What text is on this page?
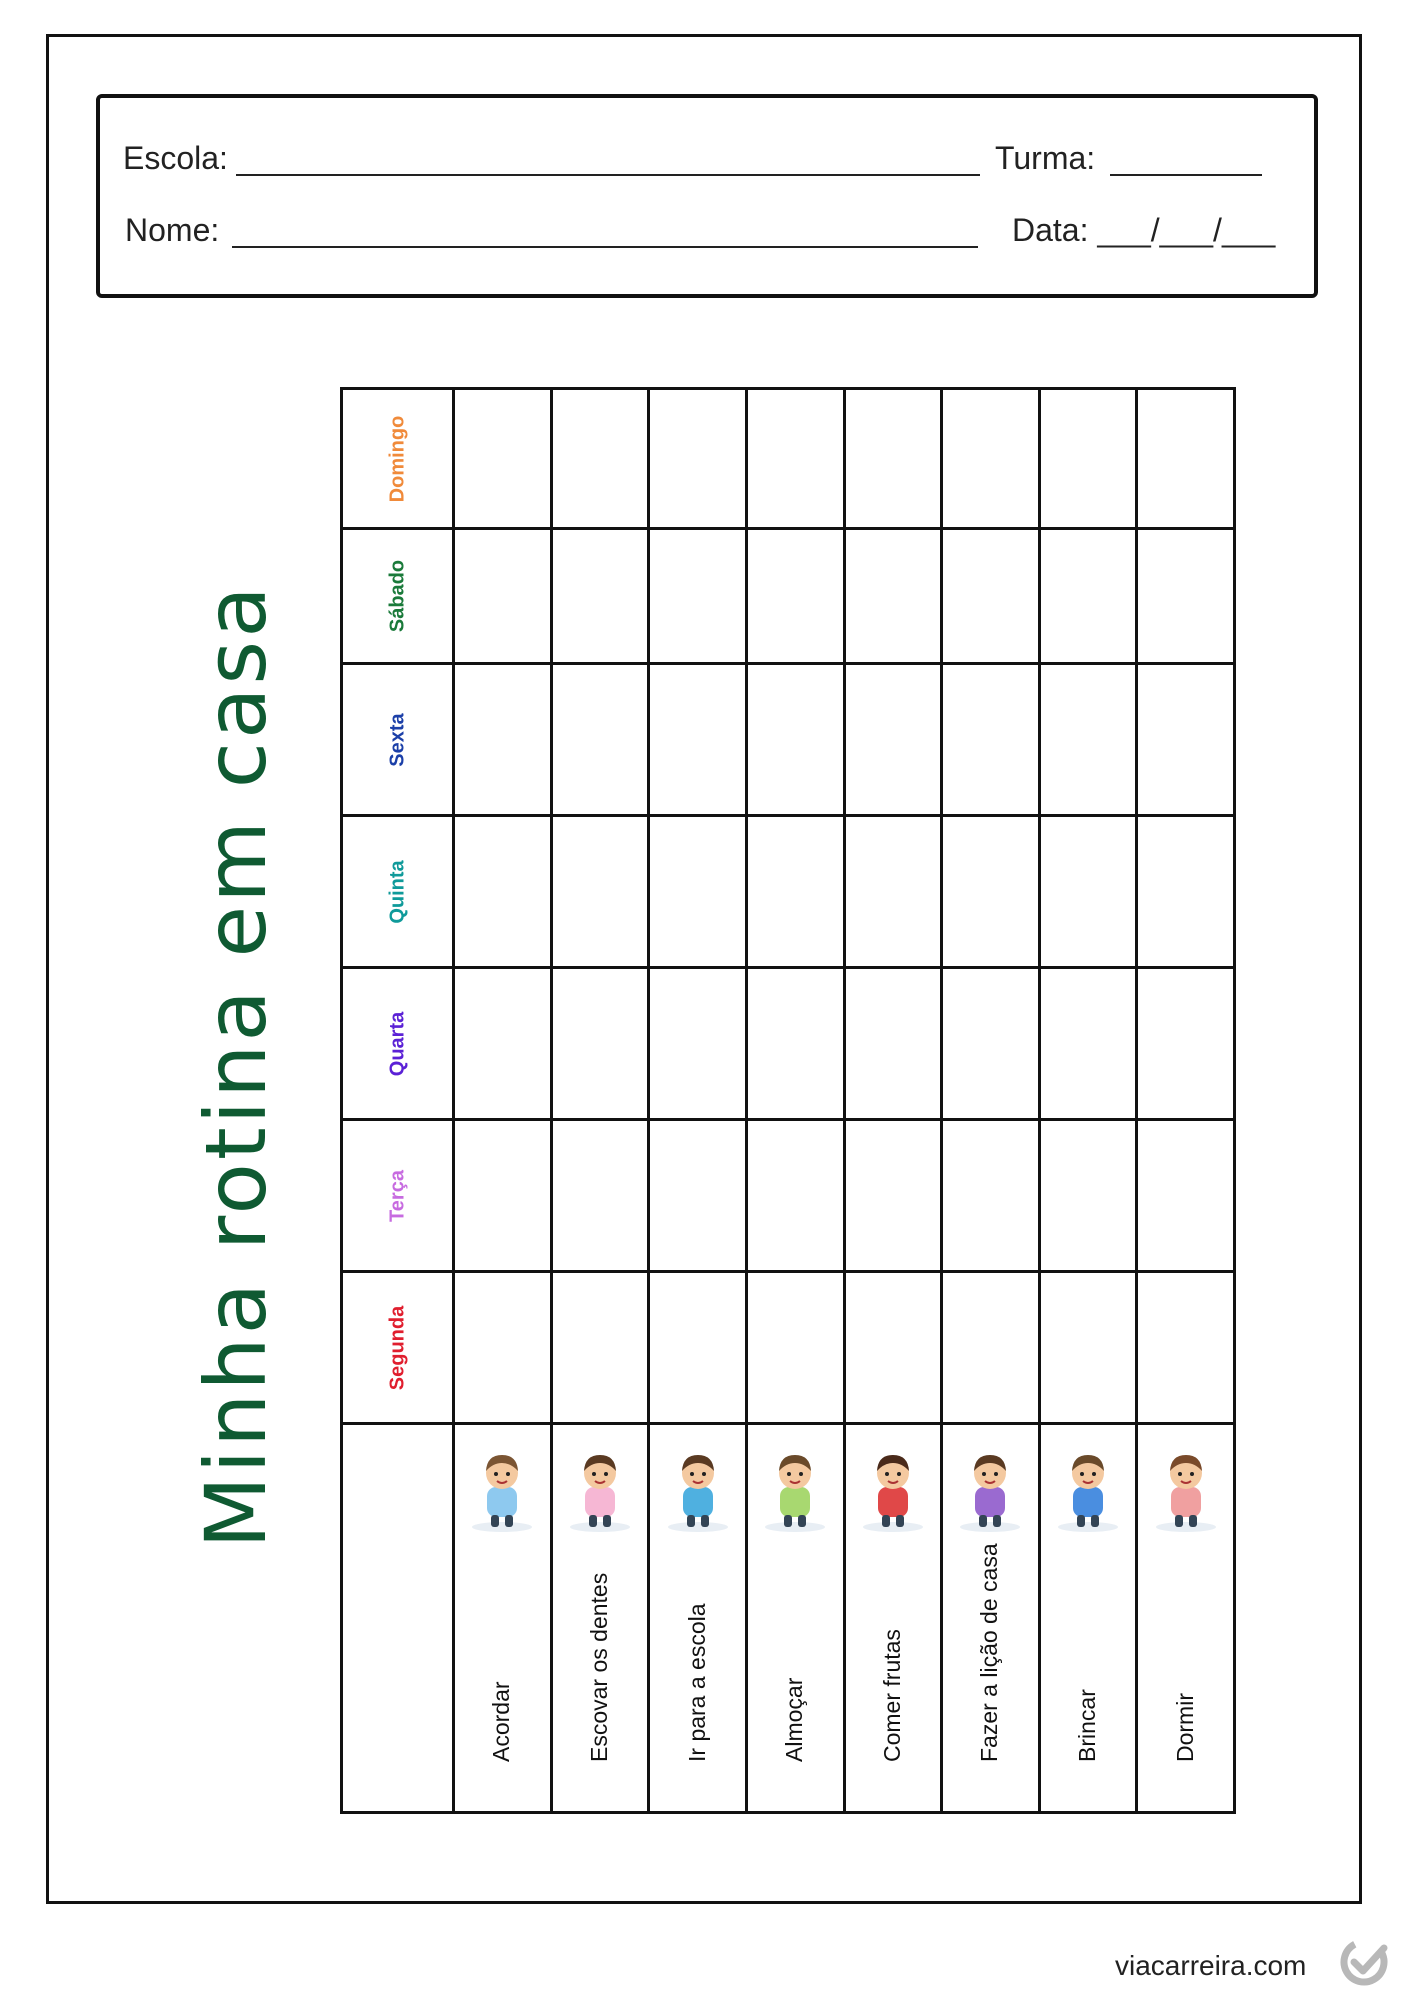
Escola:	Turma:
Nome:	Data: ___/___/___
Minha rotina em casa
Domingo								

Sábado								

Sexta								

Quinta								

Quarta								

Terça								

Segunda								

	Acordar	Escovar os dentes	Ir para a escola	Almoçar	Comer frutas	Fazer a lição de casa	Brincar	Dormir
viacarreira.com
